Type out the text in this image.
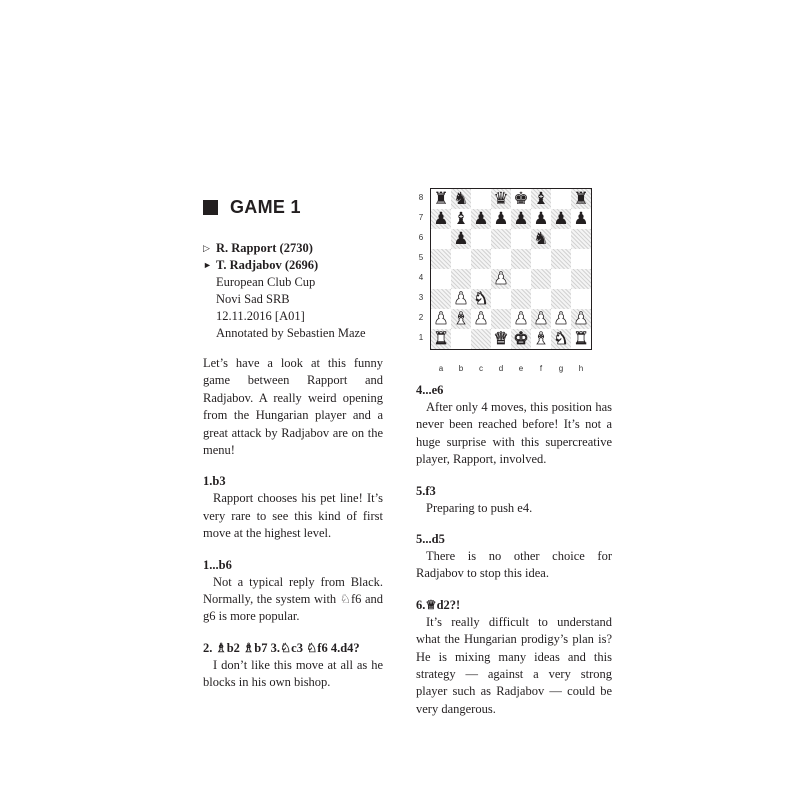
GAME 1
▷ R. Rapport (2730)
► T. Radjabov (2696)
European Club Cup
Novi Sad SRB
12.11.2016 [A01]
Annotated by Sebastien Maze

Let’s have a look at this funny game between Rapport and Radjabov. A really weird opening from the Hungarian player and a great attack by Radjabov are on the menu!

1.b3

Rapport chooses his pet line! It’s very rare to see this kind of first move at the highest level.

1...b6

Not a typical reply from Black. Normally, the system with ♘f6 and g6 is more popular.

2. ♗b2 ♗b7 3.♘c3 ♘f6 4.d4?

I don’t like this move at all as he blocks in his own bishop.

8
7
6
5
4
3
2
1
♜ ♞ ♛ ♚ ♝ ♜
♟ ♝ ♟ ♟ ♟ ♟ ♟ ♟
♟	♞
♟
♟ ♞
♟ ♝ ♟ ♟ ♟ ♟ ♟
♜	♛ ♚ ♝ ♞ ♜
a	b	c	d	e	f	g	h
4...e6

After only 4 moves, this position has never been reached before! It’s not a huge surprise with this supercreative player, Rapport, involved.

5.f3

Preparing to push e4.

5...d5

There is no other choice for Radjabov to stop this idea.

6.♕d2?!

It’s really difficult to understand what the Hungarian prodigy’s plan is? He is mixing many ideas and this strategy — against a very strong player such as Radjabov — could be very dangerous.
